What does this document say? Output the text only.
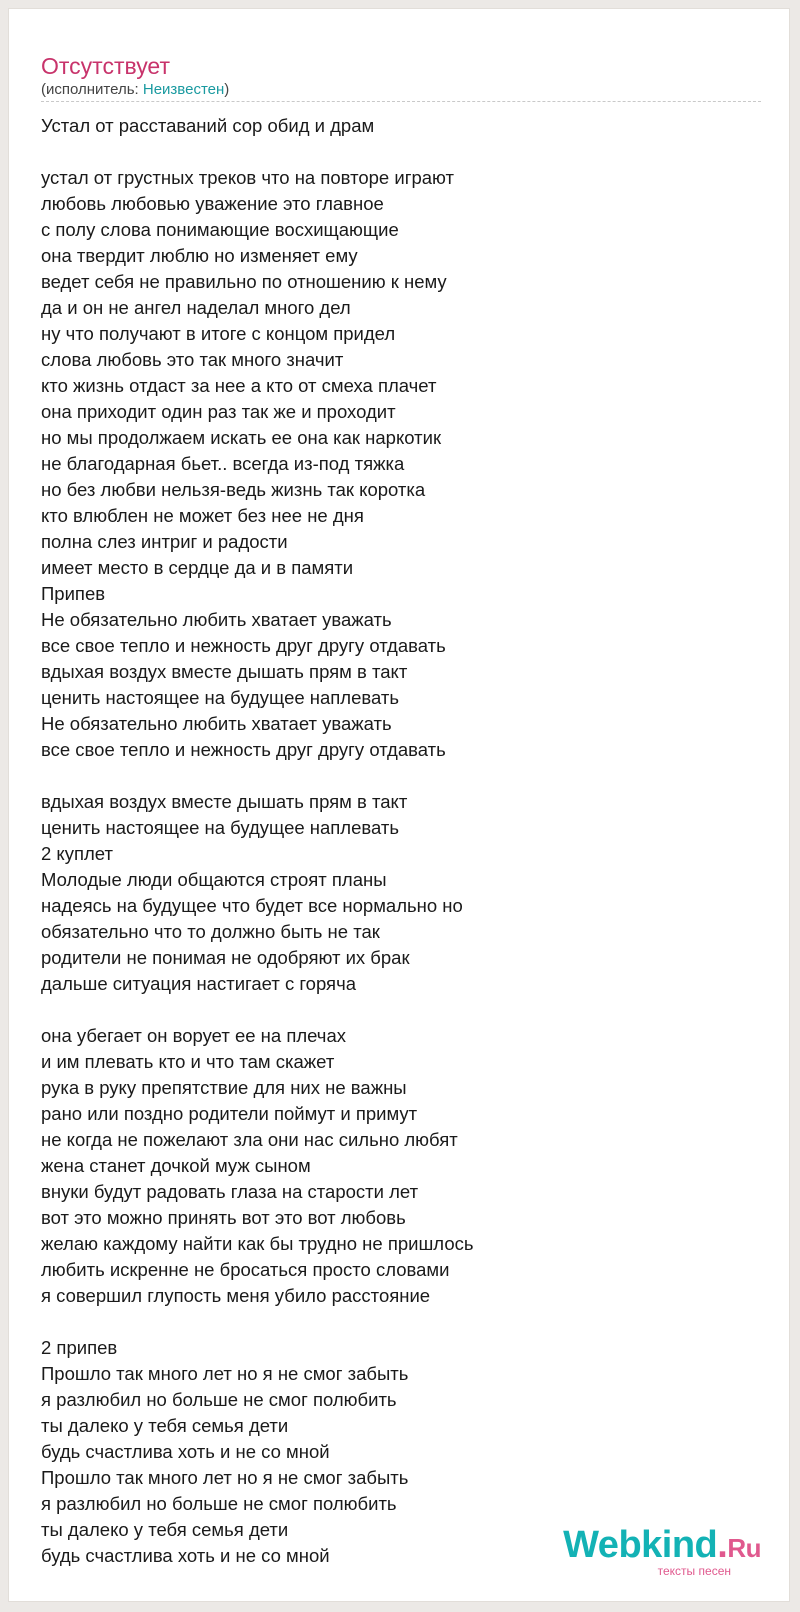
Отсутствует
(исполнитель: Неизвестен)
Устал от расставаний сор обид и драм
устал от грустных треков что на повторе играют
любовь любовью уважение это главное
с полу слова понимающие восхищающие
она твердит люблю но изменяет ему
ведет себя не правильно по отношению к нему
да и он не ангел наделал много дел
ну что получают в итоге с концом придел
слова любовь это так много значит
кто жизнь отдаст за нее а кто от смеха плачет
она приходит один раз так же и проходит
но мы продолжаем искать ее она как наркотик
не благодарная бьет.. всегда из-под тяжка
но без любви нельзя-ведь жизнь так коротка
кто влюблен не может без нее не дня
полна слез интриг и радости
имеет место в сердце да и в памяти
Припев
Не обязательно любить хватает уважать
все свое тепло и нежность друг другу отдавать
вдыхая воздух вместе дышать прям в такт
ценить настоящее на будущее наплевать
Не обязательно любить хватает уважать
все свое тепло и нежность друг другу отдавать
вдыхая воздух вместе дышать прям в такт
ценить настоящее на будущее наплевать
2 куплет
Молодые люди общаются строят планы
надеясь на будущее что будет все нормально но
обязательно что то должно быть не так
родители не понимая не одобряют их брак
дальше ситуация настигает с горяча
она убегает он ворует ее на плечах
и им плевать кто и что там скажет
рука в руку препятствие для них не важны
рано или поздно родители поймут и примут
не когда не пожелают зла они нас сильно любят
жена станет дочкой муж сыном
внуки будут радовать глаза на старости лет
вот это можно принять вот это вот любовь
желаю каждому найти как бы трудно не пришлось
любить искренне не бросаться просто словами
я совершил глупость меня убило расстояние
2 припев
Прошло так много лет но я не смог забыть
я разлюбил но больше не смог полюбить
ты далеко у тебя семья дети
будь счастлива хоть и не со мной
Прошло так много лет но я не смог забыть
я разлюбил но больше не смог полюбить
ты далеко у тебя семья дети
будь счастлива хоть и не со мной	Webkind.Ru
тексты песен
